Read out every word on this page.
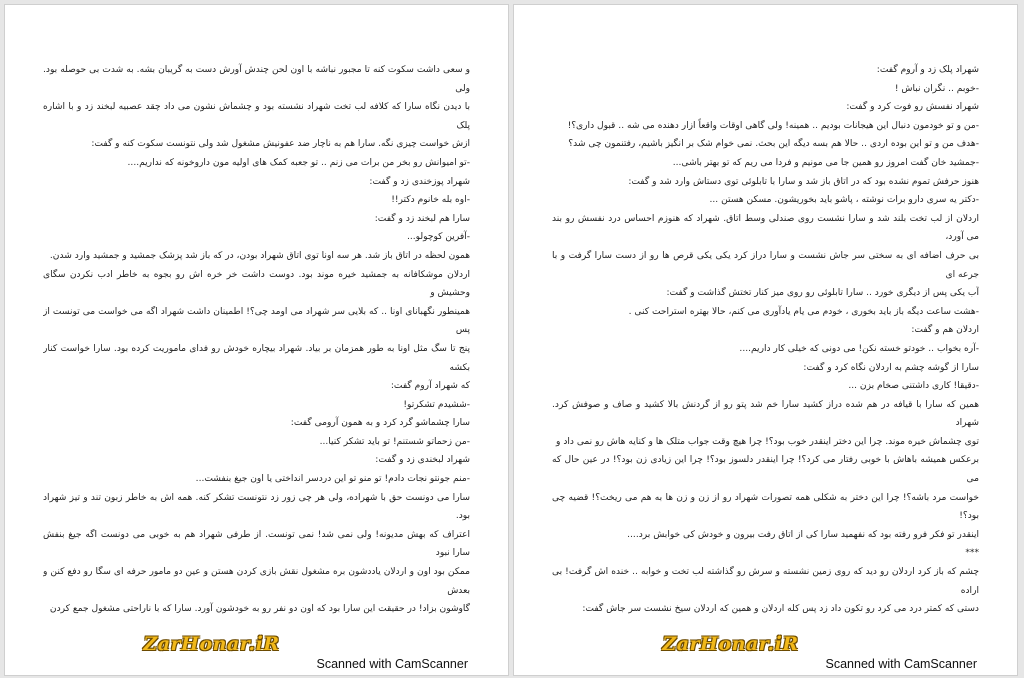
شهراد پلک زد و آروم گفت:

-خوبم .. نگران نباش !

شهراد نفسش رو فوت کرد و گفت:

-من و تو خودمون دنبال این هیجانات بودیم .. همینه! ولی گاهی اوقات واقعاً ازار دهنده می شه .. قبول داری؟!

-هدف من و تو این بوده اردی .. حالا هم بسه دیگه این بحث. نمی خوام شک بر انگیز باشیم، رفتنمون چی شد؟

-جمشید خان گفت امروز رو همین جا می مونیم و فردا می ریم که تو بهتر باشی...

هنوز حرفش تموم نشده بود که در اتاق باز شد و سارا با تابلوئی توی دستاش وارد شد و گفت:

-دکتر یه سری دارو برات نوشته ، پاشو باید بخوریشون. مسکن هستن ...

اردلان از لب تخت بلند شد و سارا نشست روی صندلی وسط اتاق. شهراد که هنوزم احساس درد نفسش رو بند می آورد،

بی حرف اضافه ای به سختی سر جاش نشست و سارا دراز کرد یکی یکی قرص ها رو از دست سارا گرفت و با جرعه ای

آب یکی پس از دیگری خورد .. سارا تابلوئی رو روی میز کنار تختش گذاشت و گفت:

-هشت ساعت دیگه باز باید بخوری ، خودم می یام یادآوری می کنم، حالا بهتره استراحت کنی .

اردلان هم و گفت:

-آره بخواب .. خودتو خسته نکن! می دونی که خیلی کار داریم....

سارا از گوشه چشم به اردلان نگاه کرد و گفت:

-دقیقا! کاری داشتنی صخام بزن ...

همین که سارا با قیافه در هم شده دراز کشید سارا خم شد پتو رو از گردنش بالا کشید و صاف و صوفش کرد. شهراد

توی چشماش خیره موند. چرا این دختر اینقدر خوب بود؟! چرا هیچ وقت جواب متلک ها و کنایه هاش رو نمی داد و

برعکس همیشه باهاش با خوبی رفتار می کرد؟! چرا اینقدر دلسوز بود؟! چرا این زیادی زن بود؟! در عین حال که می

خواست مرد باشه؟! چرا این دختر به شکلی همه تصورات شهراد رو از زن و زن ها به هم می ریخت؟! قضیه چی بود؟!

اینقدر تو فکر فرو رفته بود که نفهمید سارا کی از اتاق رفت بیرون و خودش کی خوابش برد....

***

چشم که باز کرد اردلان رو دید که روی زمین نشسته و سرش رو گذاشته لب تخت و خوابه .. خنده اش گرفت! بی اراده

دستی که کمتر درد می کرد رو تکون داد زد پس کله اردلان و همین که اردلان سیخ نشست سر جاش گفت:

ZarHonar.iR
Scanned with CamScanner

و سعی داشت سکوت کنه تا مجبور نباشه با اون لحن چندش آورش دست به گریبان بشه. به شدت بی حوصله بود. ولی

با دیدن نگاه سارا که کلافه لب تخت شهراد نشسته بود و چشماش نشون می داد چقد عصبیه لبخند زد و با اشاره پلک

ازش خواست چیزی نگه. سارا هم به ناچار ضد عفونیش مشغول شد ولی نتونست سکوت کنه و گفت:

-تو امیوانش رو بخر من برات می زنم .. تو جعبه کمک های اولیه مون داروخونه که نداریم....

شهراد پوزخندی زد و گفت:

-اوه بله خانوم دکتر!!

سارا هم لبخند زد و گفت:

-آفرین کوچولو...

همون لحظه در اتاق باز شد. هر سه اونا توی اتاق شهراد بودن، در که باز شد پزشک جمشید و جمشید وارد شدن.

اردلان موشکافانه به جمشید خیره موند بود. دوست داشت خر خره اش رو بجوه به خاطر ادب نکردن سگای وحشیش و

همینطور نگهبانای اونا .. که بلایی سر شهراد می اومد چی؟! اطمینان داشت شهراد اگه می خواست می تونست از پس

پنج تا سگ مثل اونا به طور همزمان بر بیاد. شهراد بیچاره خودش رو فدای ماموریت کرده بود. سارا خواست کنار بکشه

که شهراد آروم گفت:

-ششیدم تشکرتو!

سارا چشماشو گرد کرد و به همون آرومی گفت:

-من زحماتو شستنم! تو باید تشکر کنیا...

شهراد لبخندی زد و گفت:

-منم جونتو نجات دادم! تو منو تو این دردسر انداختی یا اون جیغ بنفشت...

سارا می دونست حق با شهراده، ولی هر چی زور زد نتونست تشکر کنه. همه اش به خاطر زبون تند و تیز شهراد بود.

اعتراف که بهش مدیونه! ولی نمی شد! نمی تونست. از طرفی شهراد هم به خوبی می دونست اگه جیغ بنفش سارا نبود

ممکن بود اون و اردلان یاددشون بره مشغول نقش بازی کردن هستن و عین دو مامور حرفه ای سگا رو دفع کنن و بعدش

گاوشون بزاد! در حقیقت این سارا بود که اون دو نفر رو به خودشون آورد. سارا که با ناراحتی مشغول جمع کردن

ZarHonar.iR
Scanned with CamScanner
